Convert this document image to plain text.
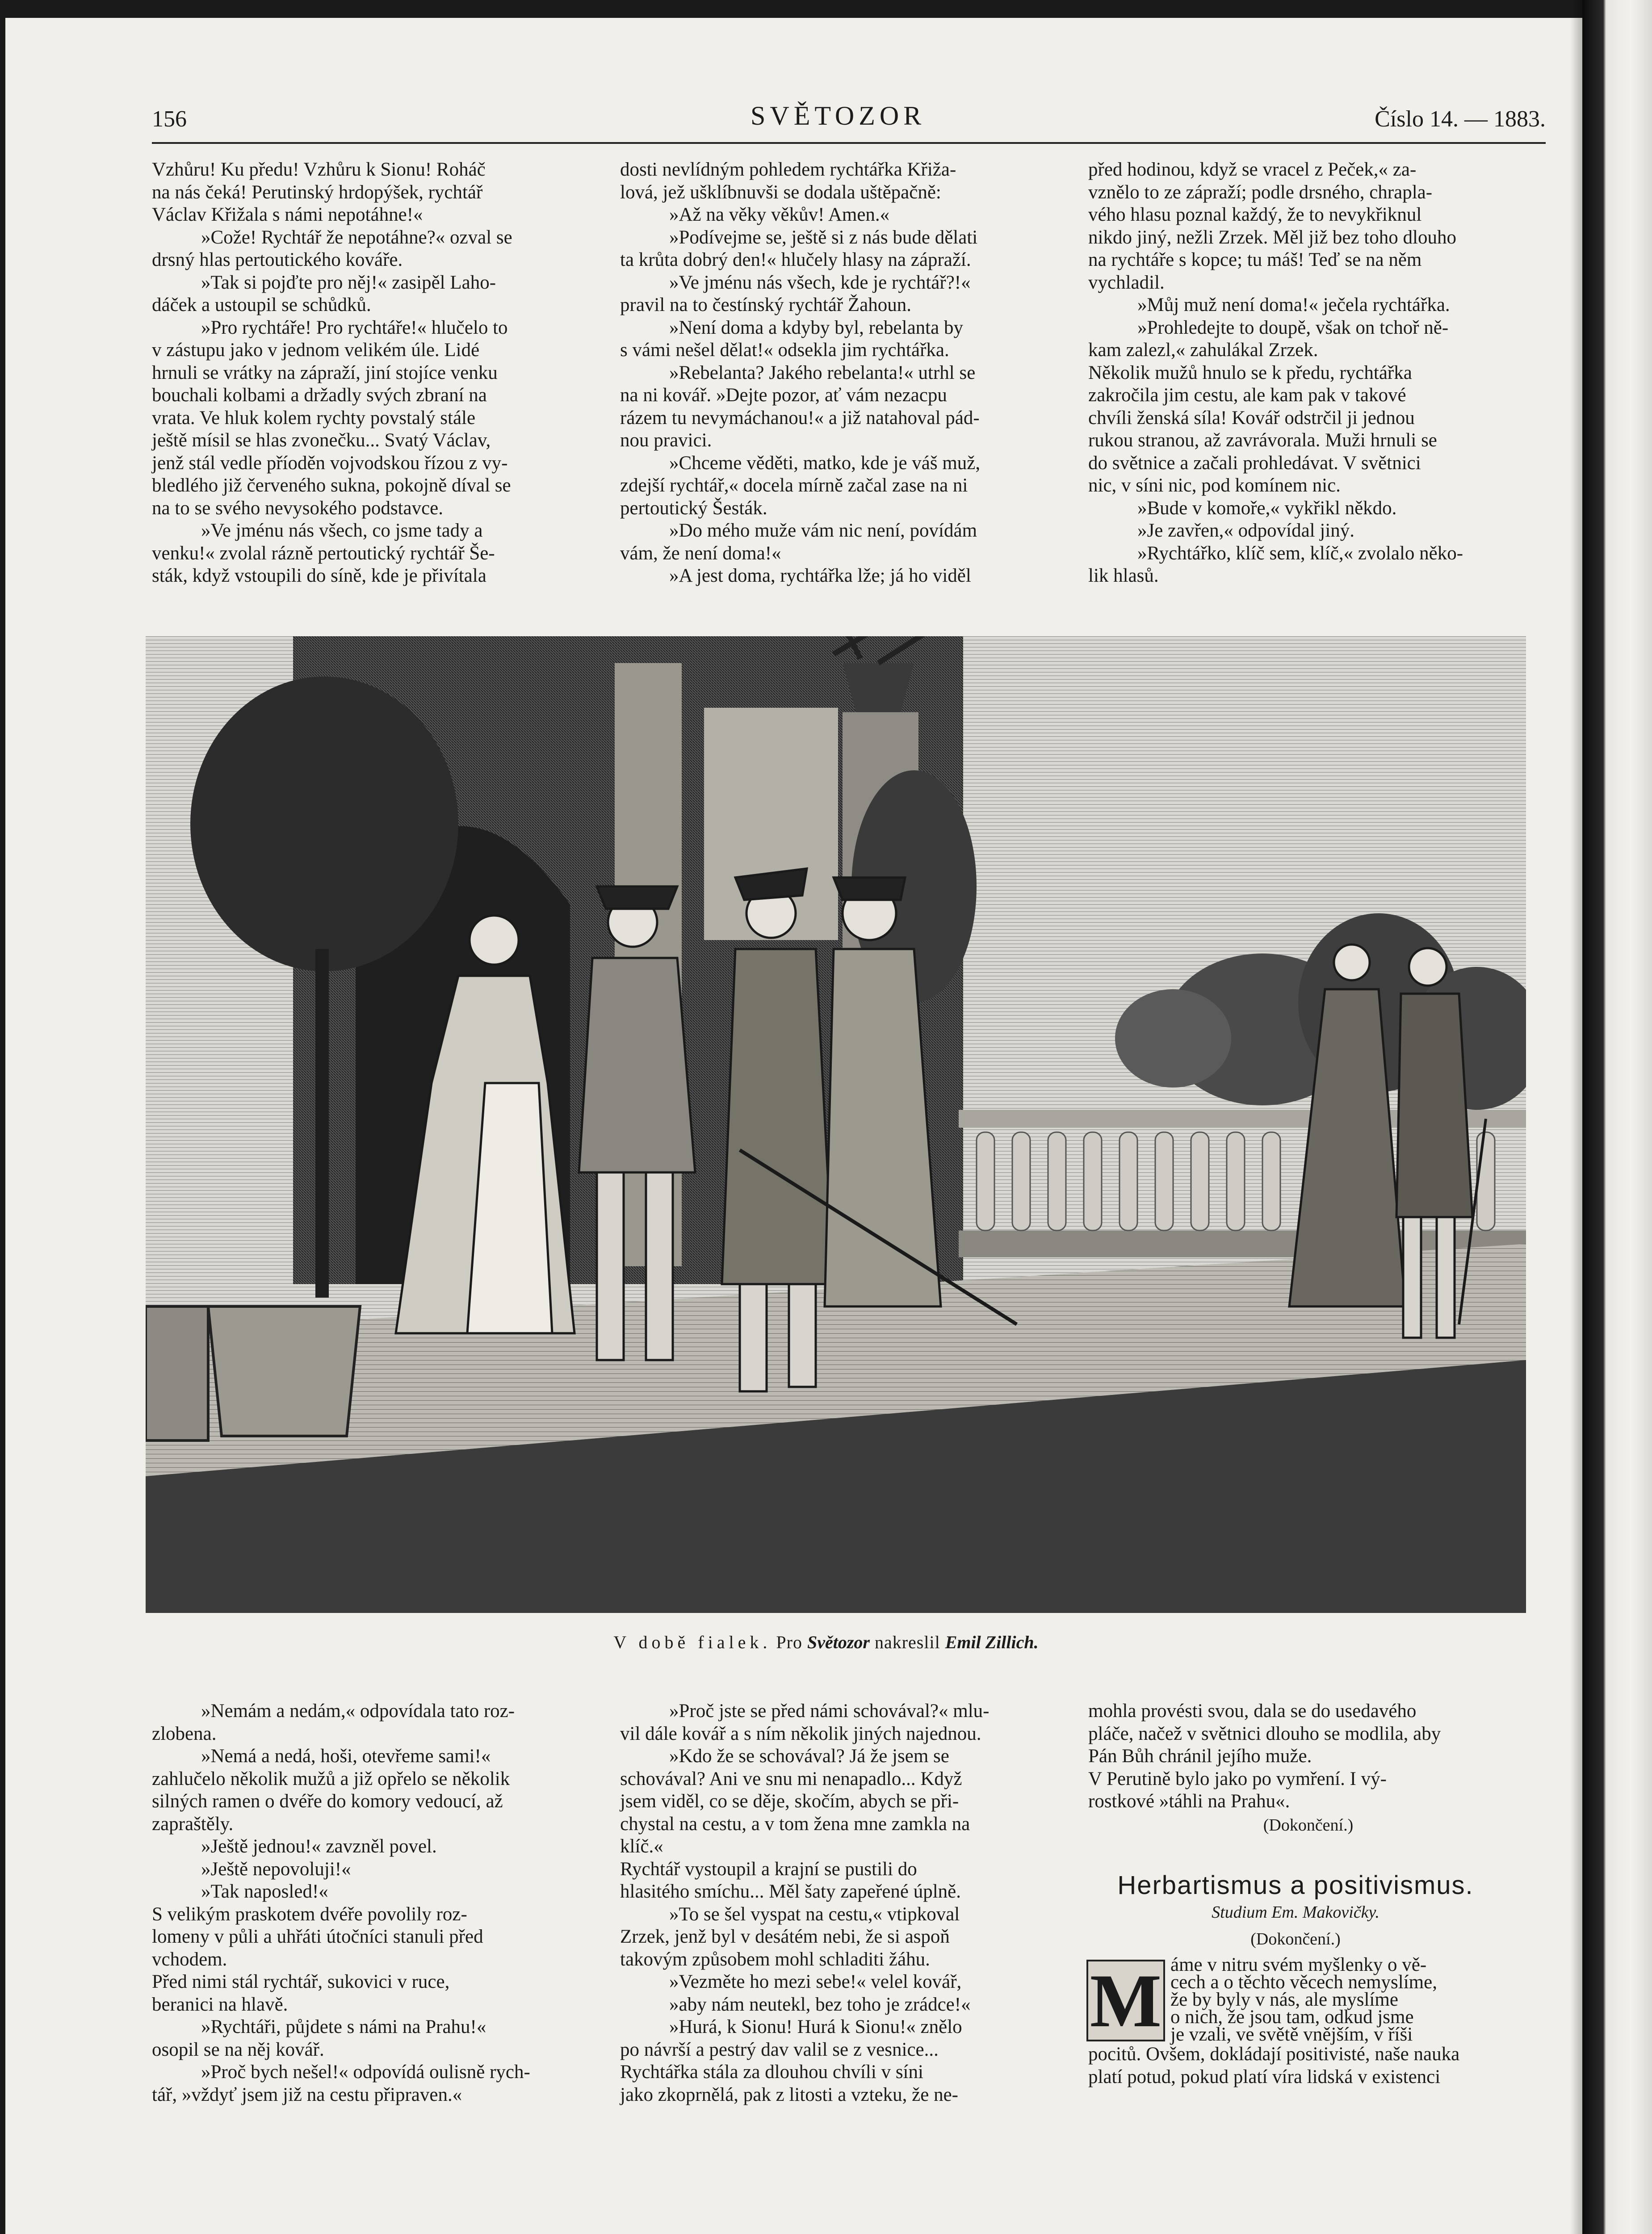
156	SVĚTOZOR	Číslo 14. — 1883.

Vzhůru! Ku předu! Vzhůru k Sionu! Roháč

na nás čeká! Perutinský hrdopýšek, rychtář

Václav Křižala s námi nepotáhne!«

»Cože! Rychtář že nepotáhne?« ozval se

drsný hlas pertoutického kováře.

»Tak si pojďte pro něj!« zasipěl Laho-

dáček a ustoupil se schůdků.

»Pro rychtáře! Pro rychtáře!« hlučelo to

v zástupu jako v jednom velikém úle. Lidé

hrnuli se vrátky na zápraží, jiní stojíce venku

bouchali kolbami a držadly svých zbraní na

vrata. Ve hluk kolem rychty povstalý stále

ještě mísil se hlas zvonečku... Svatý Václav,

jenž stál vedle příoděn vojvodskou řízou z vy-

bledlého již červeného sukna, pokojně díval se

na to se svého nevysokého podstavce.

»Ve jménu nás všech, co jsme tady a

venku!« zvolal rázně pertoutický rychtář Še-

sták, když vstoupili do síně, kde je přivítala

dosti nevlídným pohledem rychtářka Křiža-

lová, jež ušklíbnuvši se dodala uštěpačně:

»Až na věky věkův! Amen.«

»Podívejme se, ještě si z nás bude dělati

ta krůta dobrý den!« hlučely hlasy na zápraží.

»Ve jménu nás všech, kde je rychtář?!«

pravil na to čestínský rychtář Žahoun.

»Není doma a kdyby byl, rebelanta by

s vámi nešel dělat!« odsekla jim rychtářka.

»Rebelanta? Jakého rebelanta!« utrhl se

na ni kovář. »Dejte pozor, ať vám nezacpu

rázem tu nevymáchanou!« a již natahoval pád-

nou pravici.

»Chceme věděti, matko, kde je váš muž,

zdejší rychtář,« docela mírně začal zase na ni

pertoutický Šesták.

»Do mého muže vám nic není, povídám

vám, že není doma!«

»A jest doma, rychtářka lže; já ho viděl

před hodinou, když se vracel z Peček,« za-

vznělo to ze zápraží; podle drsného, chrapla-

vého hlasu poznal každý, že to nevykřiknul

nikdo jiný, nežli Zrzek. Měl již bez toho dlouho

na rychtáře s kopce; tu máš! Teď se na něm

vychladil.

»Můj muž není doma!« ječela rychtářka.

»Prohledejte to doupě, však on tchoř ně-

kam zalezl,« zahulákal Zrzek.

Několik mužů hnulo se k předu, rychtářka

zakročila jim cestu, ale kam pak v takové

chvíli ženská síla! Kovář odstrčil ji jednou

rukou stranou, až zavrávorala. Muži hrnuli se

do světnice a začali prohledávat. V světnici

nic, v síni nic, pod komínem nic.

»Bude v komoře,« vykřikl někdo.

»Je zavřen,« odpovídal jiný.

»Rychtářko, klíč sem, klíč,« zvolalo něko-

lik hlasů.

V době fialek. Pro Světozor nakreslil Emil Zillich.

»Nemám a nedám,« odpovídala tato roz-

zlobena.

»Nemá a nedá, hoši, otevřeme sami!«

zahlučelo několik mužů a již opřelo se několik

silných ramen o dvéře do komory vedoucí, až

zapraštěly.

»Ještě jednou!« zavzněl povel.

»Ještě nepovoluji!«

»Tak naposled!«

S velikým praskotem dvéře povolily roz-

lomeny v půli a uhřáti útočníci stanuli před

vchodem.

Před nimi stál rychtář, sukovici v ruce,

beranici na hlavě.

»Rychtáři, půjdete s námi na Prahu!«

osopil se na něj kovář.

»Proč bych nešel!« odpovídá oulisně rych-

tář, »vždyť jsem již na cestu připraven.«

»Proč jste se před námi schovával?« mlu-

vil dále kovář a s ním několik jiných najednou.

»Kdo že se schovával? Já že jsem se

schovával? Ani ve snu mi nenapadlo... Když

jsem viděl, co se děje, skočím, abych se při-

chystal na cestu, a v tom žena mne zamkla na

klíč.«

Rychtář vystoupil a krajní se pustili do

hlasitého smíchu... Měl šaty zapeřené úplně.

»To se šel vyspat na cestu,« vtipkoval

Zrzek, jenž byl v desátém nebi, že si aspoň

takovým způsobem mohl schladiti žáhu.

»Vezměte ho mezi sebe!« velel kovář,

»aby nám neutekl, bez toho je zrádce!«

»Hurá, k Sionu! Hurá k Sionu!« znělo

po návrší a pestrý dav valil se z vesnice...

Rychtářka stála za dlouhou chvíli v síni

jako zkoprnělá, pak z litosti a vzteku, že ne-

mohla provésti svou, dala se do usedavého

pláče, načež v světnici dlouho se modlila, aby

Pán Bůh chránil jejího muže.

V Perutině bylo jako po vymření. I vý-

rostkové »táhli na Prahu«.

(Dokončení.)
Herbartismus a positivismus.
Studium Em. Makovičky.
(Dokončení.)
M áme v nitru svém myšlenky o vě-

cech a o těchto věcech nemyslíme,

že by byly v nás, ale myslíme

o nich, že jsou tam, odkud jsme

je vzali, ve světě vnějším, v říši

pocitů. Ovšem, dokládají positivisté, naše nauka

platí potud, pokud platí víra lidská v existenci
